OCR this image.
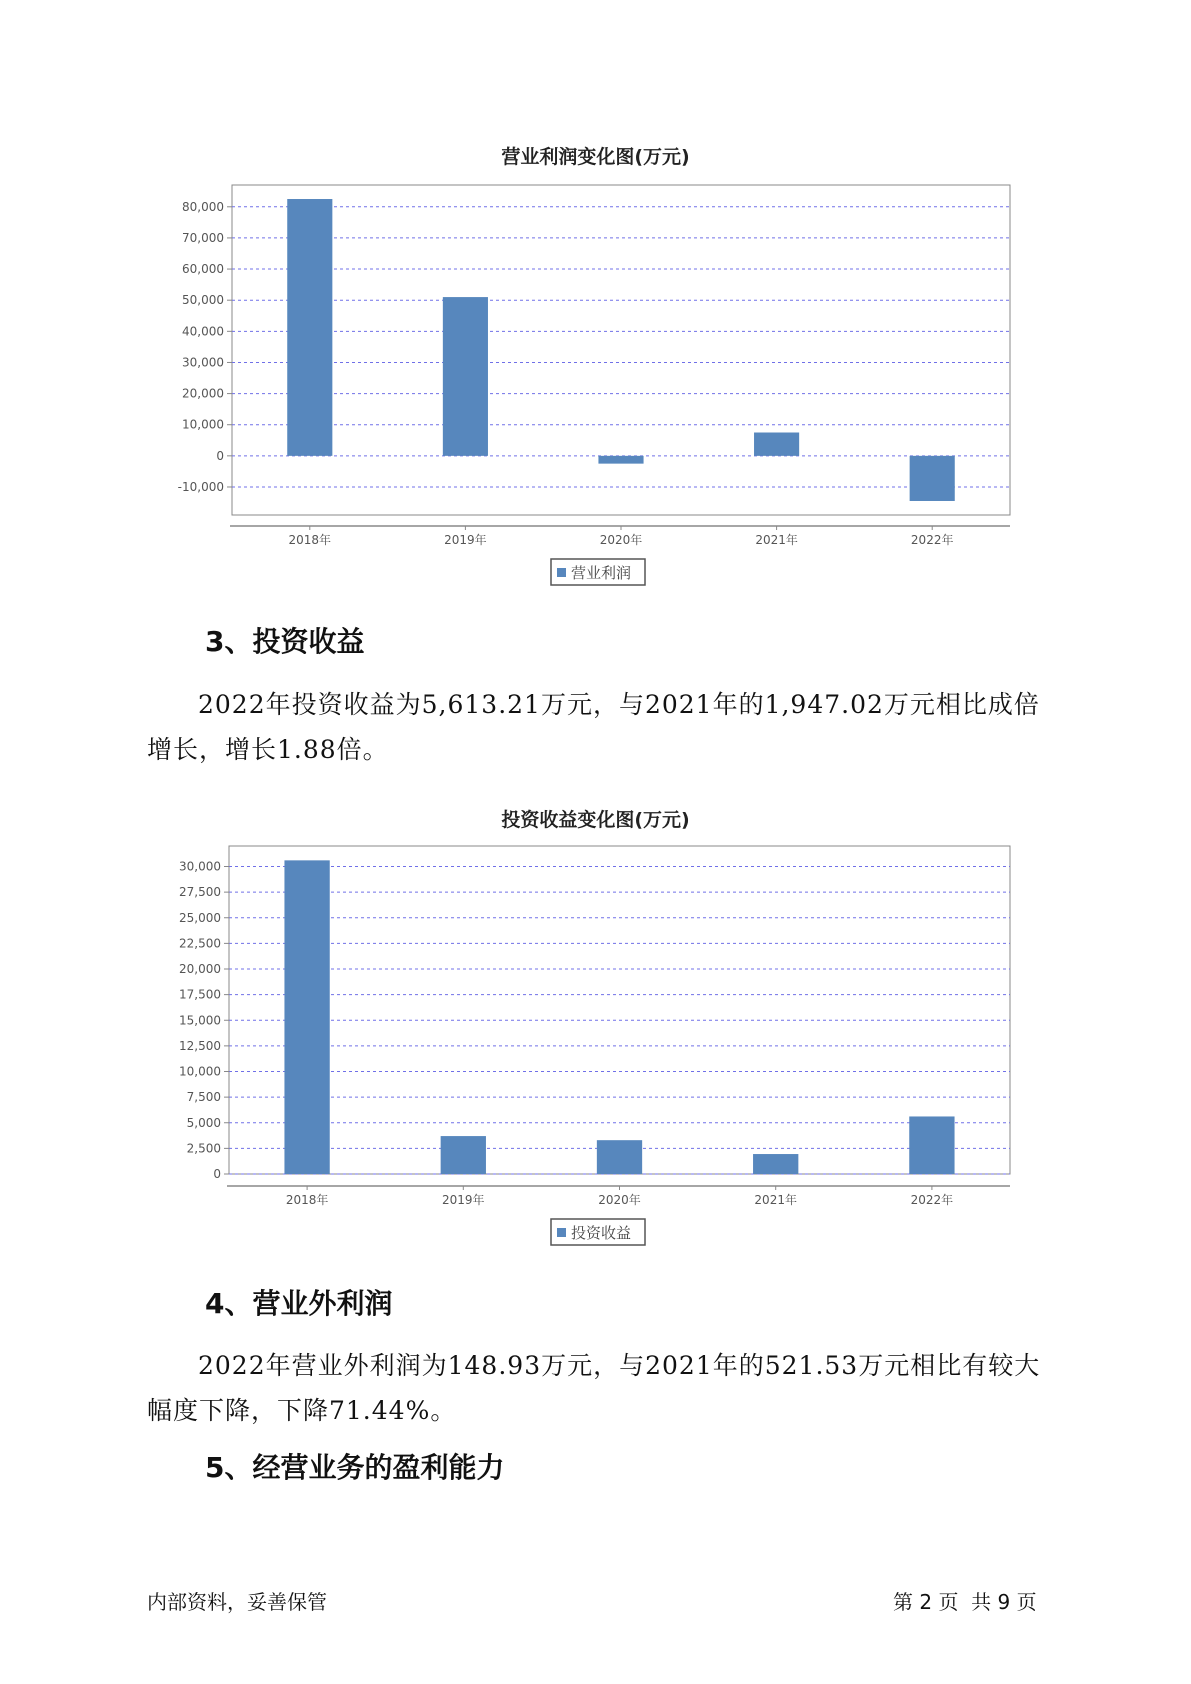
营业利润变化图(万元)
80,000
70,000
60,000
50,000
40,000
30,000
20,000
10,000
0
-10,000
2018年	2019年	2020年	2021年	2022年
营业利润
3、投资收益
2022年投资收益为5,613.21万元，与2021年的1,947.02万元相比成倍
增长，增长1.88倍。
投资收益变化图(万元)
30,000
27,500
25,000
22,500
20,000
17,500
15,000
12,500
10,000
7,500
5,000
2,500
0
2018年	2019年	2020年	2021年	2022年
投资收益
4、营业外利润
2022年营业外利润为148.93万元，与2021年的521.53万元相比有较大
幅度下降，下降71.44%。
5、经营业务的盈利能力
内部资料，妥善保管	第 2 页  共 9 页
